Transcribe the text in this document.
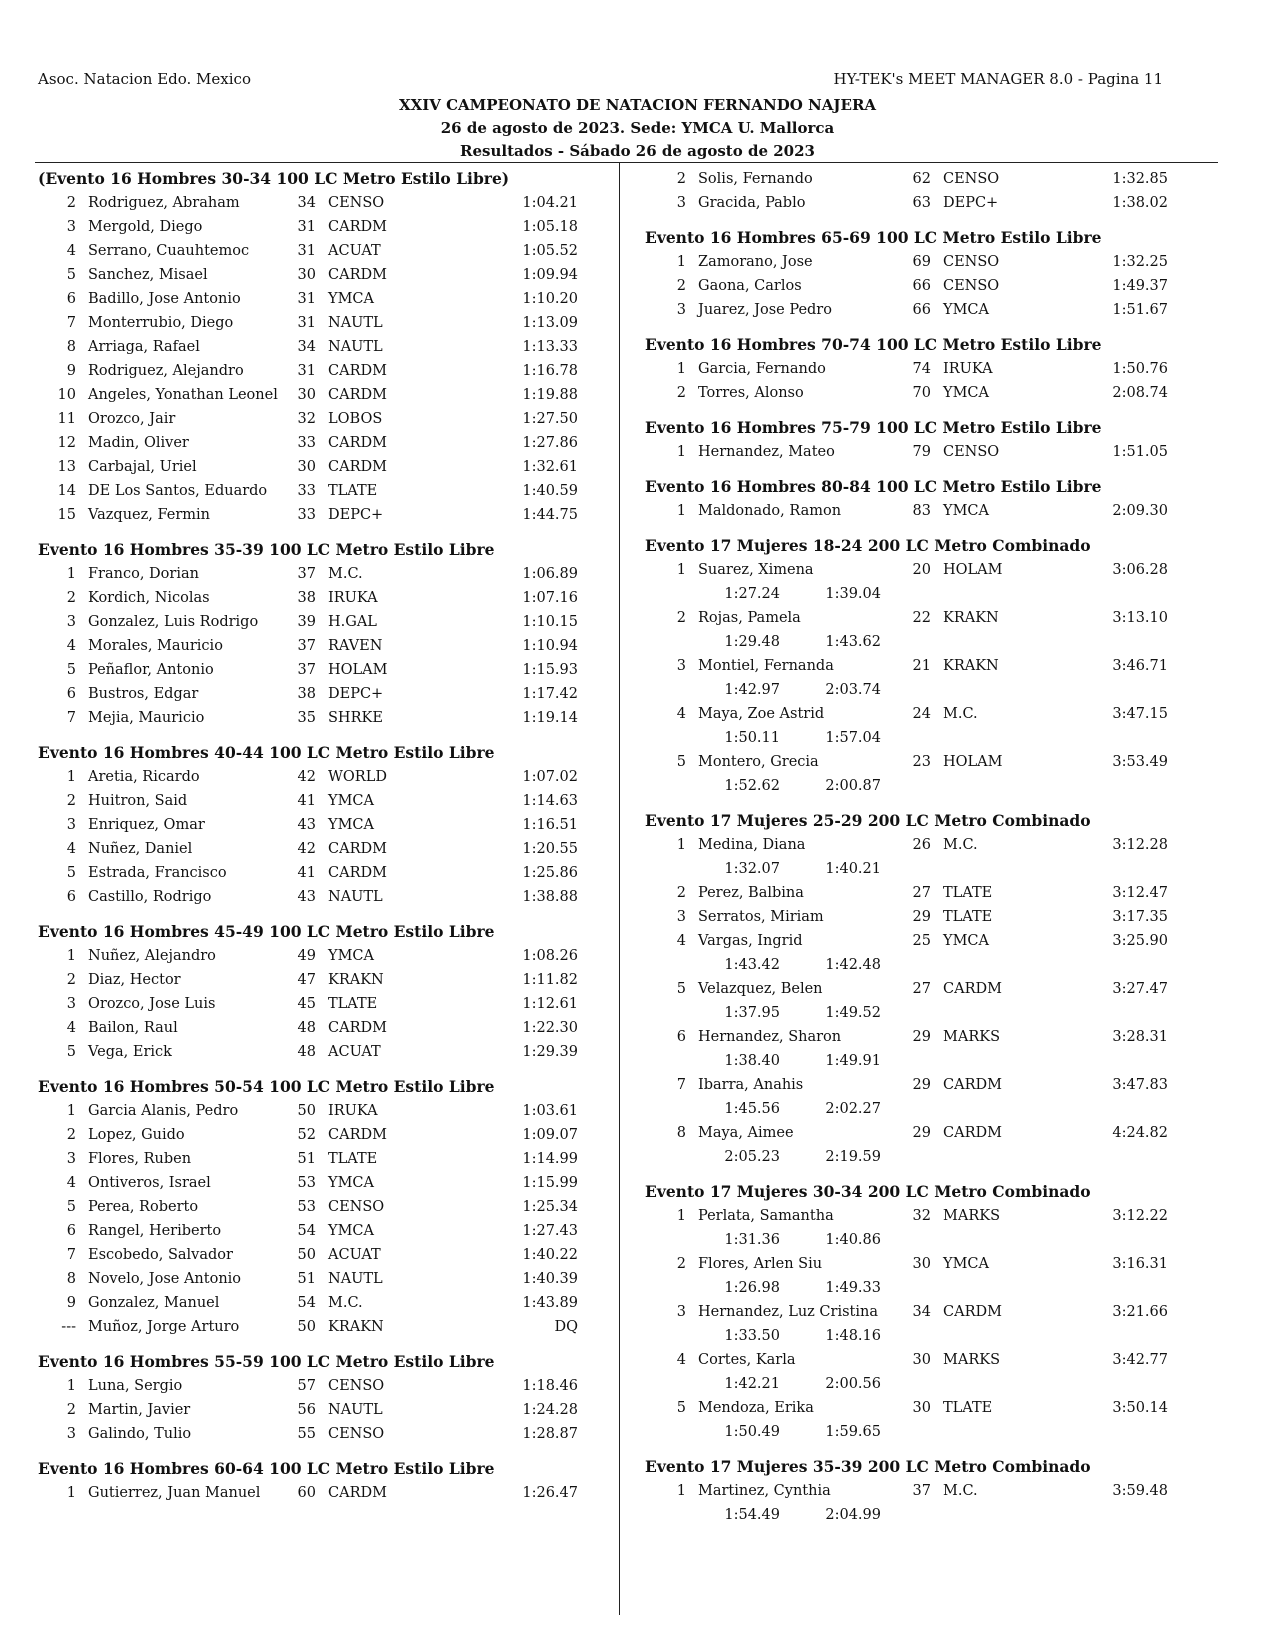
Asoc. Natacion Edo. Mexico	HY-TEK's MEET MANAGER 8.0 - Pagina 11
XXIV CAMPEONATO DE NATACION FERNANDO NAJERA
26 de agosto de 2023. Sede: YMCA U. Mallorca
Resultados - Sábado 26 de agosto de 2023
(Evento 16 Hombres 30-34 100 LC Metro Estilo Libre)
2 Rodriguez, Abraham	34 CENSO	1:04.21
3 Mergold, Diego	31 CARDM	1:05.18
4 Serrano, Cuauhtemoc	31 ACUAT	1:05.52
5 Sanchez, Misael	30 CARDM	1:09.94
6 Badillo, Jose Antonio	31 YMCA	1:10.20
7 Monterrubio, Diego	31 NAUTL	1:13.09
8 Arriaga, Rafael	34 NAUTL	1:13.33
9 Rodriguez, Alejandro	31 CARDM	1:16.78
10 Angeles, Yonathan Leonel	30 CARDM	1:19.88
11 Orozco, Jair	32 LOBOS	1:27.50
12 Madin, Oliver	33 CARDM	1:27.86
13 Carbajal, Uriel	30 CARDM	1:32.61
14 DE Los Santos, Eduardo	33 TLATE	1:40.59
15 Vazquez, Fermin	33 DEPC+	1:44.75
Evento 16 Hombres 35-39 100 LC Metro Estilo Libre
1 Franco, Dorian	37 M.C.	1:06.89
2 Kordich, Nicolas	38 IRUKA	1:07.16
3 Gonzalez, Luis Rodrigo	39 H.GAL	1:10.15
4 Morales, Mauricio	37 RAVEN	1:10.94
5 Peñaflor, Antonio	37 HOLAM	1:15.93
6 Bustros, Edgar	38 DEPC+	1:17.42
7 Mejia, Mauricio	35 SHRKE	1:19.14
Evento 16 Hombres 40-44 100 LC Metro Estilo Libre
1 Aretia, Ricardo	42 WORLD	1:07.02
2 Huitron, Said	41 YMCA	1:14.63
3 Enriquez, Omar	43 YMCA	1:16.51
4 Nuñez, Daniel	42 CARDM	1:20.55
5 Estrada, Francisco	41 CARDM	1:25.86
6 Castillo, Rodrigo	43 NAUTL	1:38.88
Evento 16 Hombres 45-49 100 LC Metro Estilo Libre
1 Nuñez, Alejandro	49 YMCA	1:08.26
2 Diaz, Hector	47 KRAKN	1:11.82
3 Orozco, Jose Luis	45 TLATE	1:12.61
4 Bailon, Raul	48 CARDM	1:22.30
5 Vega, Erick	48 ACUAT	1:29.39
Evento 16 Hombres 50-54 100 LC Metro Estilo Libre
1 Garcia Alanis, Pedro	50 IRUKA	1:03.61
2 Lopez, Guido	52 CARDM	1:09.07
3 Flores, Ruben	51 TLATE	1:14.99
4 Ontiveros, Israel	53 YMCA	1:15.99
5 Perea, Roberto	53 CENSO	1:25.34
6 Rangel, Heriberto	54 YMCA	1:27.43
7 Escobedo, Salvador	50 ACUAT	1:40.22
8 Novelo, Jose Antonio	51 NAUTL	1:40.39
9 Gonzalez, Manuel	54 M.C.	1:43.89
--- Muñoz, Jorge Arturo	50 KRAKN	DQ
Evento 16 Hombres 55-59 100 LC Metro Estilo Libre
1 Luna, Sergio	57 CENSO	1:18.46
2 Martin, Javier	56 NAUTL	1:24.28
3 Galindo, Tulio	55 CENSO	1:28.87
Evento 16 Hombres 60-64 100 LC Metro Estilo Libre
1 Gutierrez, Juan Manuel	60 CARDM	1:26.47
2 Solis, Fernando	62 CENSO	1:32.85
3 Gracida, Pablo	63 DEPC+	1:38.02
Evento 16 Hombres 65-69 100 LC Metro Estilo Libre
1 Zamorano, Jose	69 CENSO	1:32.25
2 Gaona, Carlos	66 CENSO	1:49.37
3 Juarez, Jose Pedro	66 YMCA	1:51.67
Evento 16 Hombres 70-74 100 LC Metro Estilo Libre
1 Garcia, Fernando	74 IRUKA	1:50.76
2 Torres, Alonso	70 YMCA	2:08.74
Evento 16 Hombres 75-79 100 LC Metro Estilo Libre
1 Hernandez, Mateo	79 CENSO	1:51.05
Evento 16 Hombres 80-84 100 LC Metro Estilo Libre
1 Maldonado, Ramon	83 YMCA	2:09.30
Evento 17 Mujeres 18-24 200 LC Metro Combinado
1 Suarez, Ximena	20 HOLAM	3:06.28
1:27.24	1:39.04
2 Rojas, Pamela	22 KRAKN	3:13.10
1:29.48	1:43.62
3 Montiel, Fernanda	21 KRAKN	3:46.71
1:42.97	2:03.74
4 Maya, Zoe Astrid	24 M.C.	3:47.15
1:50.11	1:57.04
5 Montero, Grecia	23 HOLAM	3:53.49
1:52.62	2:00.87
Evento 17 Mujeres 25-29 200 LC Metro Combinado
1 Medina, Diana	26 M.C.	3:12.28
1:32.07	1:40.21
2 Perez, Balbina	27 TLATE	3:12.47
3 Serratos, Miriam	29 TLATE	3:17.35
4 Vargas, Ingrid	25 YMCA	3:25.90
1:43.42	1:42.48
5 Velazquez, Belen	27 CARDM	3:27.47
1:37.95	1:49.52
6 Hernandez, Sharon	29 MARKS	3:28.31
1:38.40	1:49.91
7 Ibarra, Anahis	29 CARDM	3:47.83
1:45.56	2:02.27
8 Maya, Aimee	29 CARDM	4:24.82
2:05.23	2:19.59
Evento 17 Mujeres 30-34 200 LC Metro Combinado
1 Perlata, Samantha	32 MARKS	3:12.22
1:31.36	1:40.86
2 Flores, Arlen Siu	30 YMCA	3:16.31
1:26.98	1:49.33
3 Hernandez, Luz Cristina	34 CARDM	3:21.66
1:33.50	1:48.16
4 Cortes, Karla	30 MARKS	3:42.77
1:42.21	2:00.56
5 Mendoza, Erika	30 TLATE	3:50.14
1:50.49	1:59.65
Evento 17 Mujeres 35-39 200 LC Metro Combinado
1 Martinez, Cynthia	37 M.C.	3:59.48
1:54.49	2:04.99
